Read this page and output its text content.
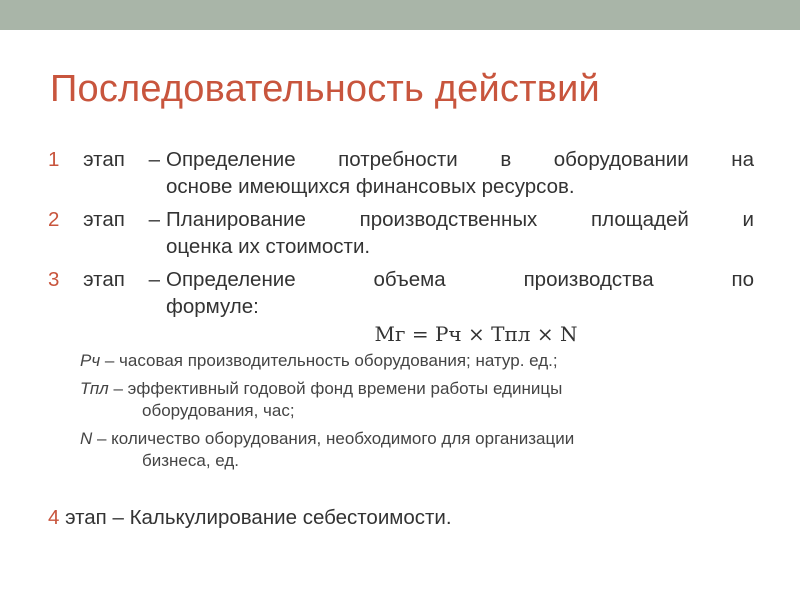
Последовательность действий
1 этап – Определение потребности в оборудовании на
основе имеющихся финансовых ресурсов.
2 этап – Планирование производственных площадей и
оценка их стоимости.
3 этап – Определение объема производства по
формуле:
Мг = Рч × Тпл × N
Рч – часовая производительность оборудования; натур. ед.;
Тпл – эффективный годовой фонд времени работы единицы
оборудования, час;
N – количество оборудования, необходимого для организации
бизнеса, ед.
4 этап – Калькулирование себестоимости.
